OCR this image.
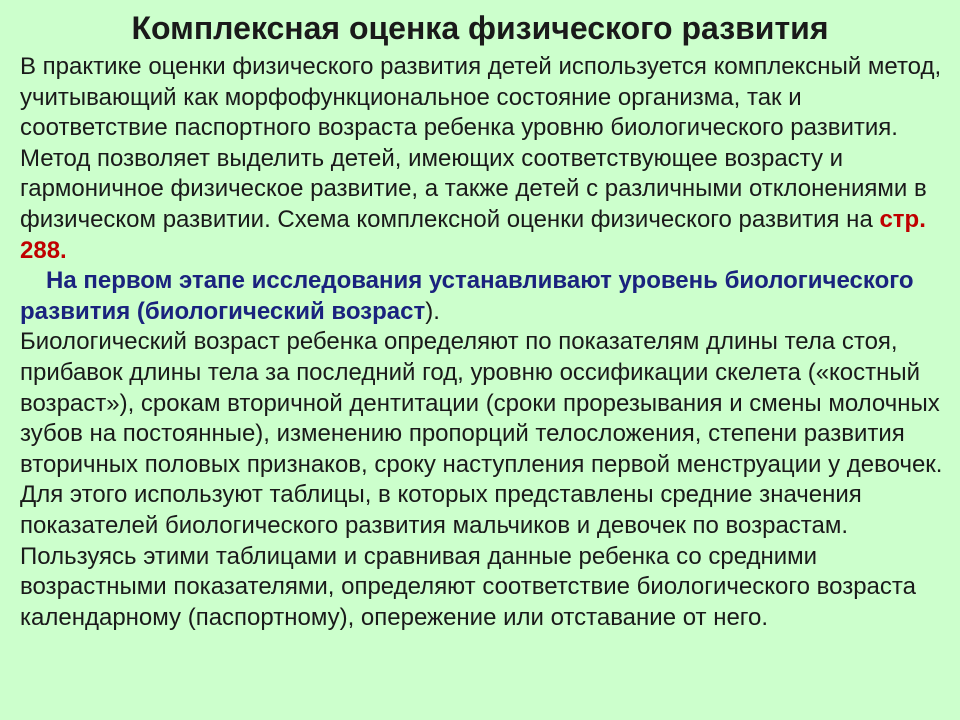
Комплексная оценка физического развития

В практике оценки физического развития детей используется комплексный метод, учитывающий как морфофункциональное состояние организма, так и соответствие паспортного возраста ребенка уровню биологического развития. Метод позволяет выделить детей, имеющих соответствующее возрасту и гармоничное физическое развитие, а также детей с различными отклонениями в физическом развитии. Схема комплексной оценки физического развития на стр. 288.

На первом этапе исследования устанавливают уровень биологического развития (биологический возраст).

Биологический возраст ребенка определяют по показателям длины тела стоя, прибавок длины тела за последний год, уровню оссификации скелета («костный возраст»), срокам вторичной дентитации (сроки прорезывания и смены молочных зубов на постоянные), изменению пропорций телосложения, степени развития вторичных половых признаков, сроку наступления первой менструации у девочек. Для этого используют таблицы, в которых представлены средние значения показателей биологического развития мальчиков и девочек по возрастам. Пользуясь этими таблицами и сравнивая данные ребенка со средними возрастными показателями, определяют соответствие биологического возраста календарному (паспортному), опережение или отставание от него.
